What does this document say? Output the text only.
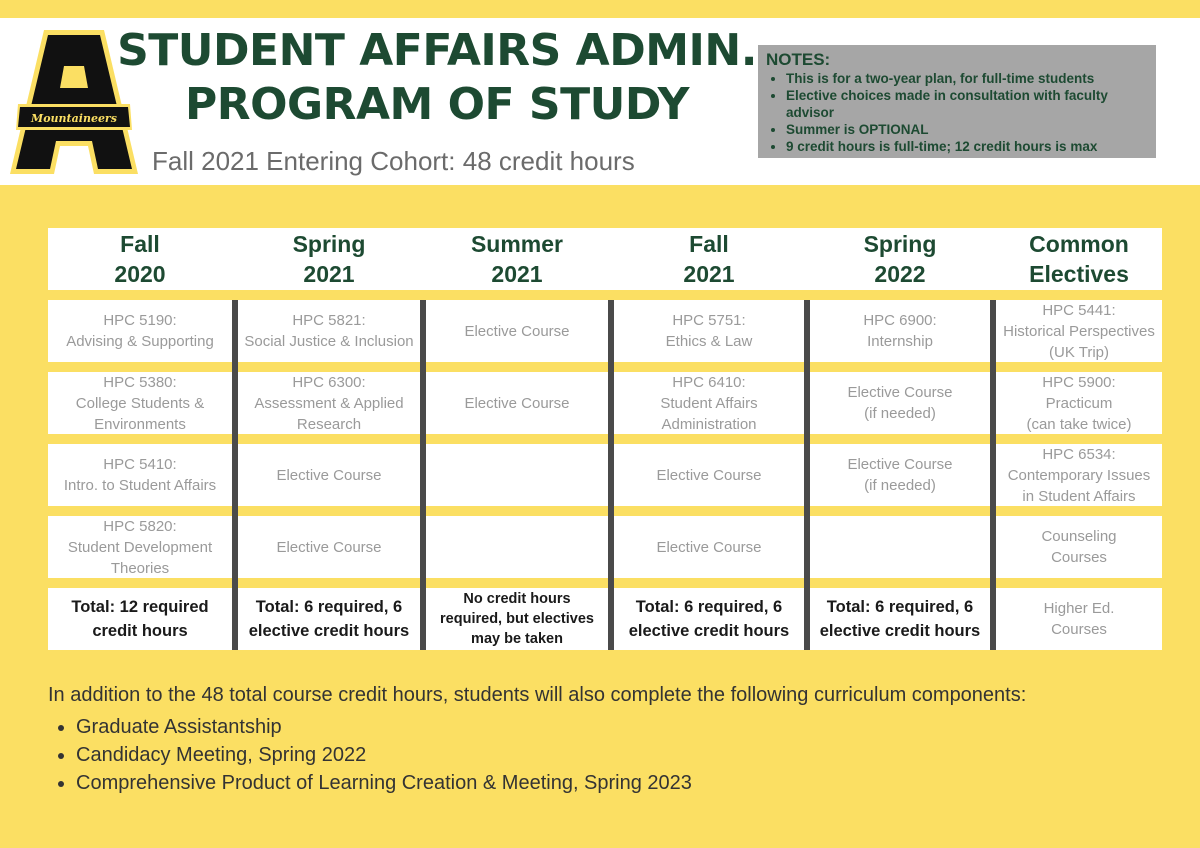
Mountaineers
STUDENT AFFAIRS ADMIN.
PROGRAM OF STUDY
Fall 2021 Entering Cohort: 48 credit hours
NOTES:
• This is for a two-year plan, for full-time students
• Elective choices made in consultation with faculty advisor
• Summer is OPTIONAL
• 9 credit hours is full-time; 12 credit hours is max
Fall
2020
Spring
2021
Summer
2021
Fall
2021
Spring
2022
Common
Electives
HPC 5190:
Advising & Supporting
HPC 5821:
Social Justice & Inclusion
Elective Course
HPC 5751:
Ethics & Law
HPC 6900:
Internship
HPC 5441:
Historical Perspectives
(UK Trip)
HPC 5380:
College Students &
Environments
HPC 6300:
Assessment & Applied
Research
Elective Course
HPC 6410:
Student Affairs
Administration
Elective Course
(if needed)
HPC 5900:
Practicum
(can take twice)
HPC 5410:
Intro. to Student Affairs
Elective Course	Elective Course
Elective Course
(if needed)
HPC 6534:
Contemporary Issues
in Student Affairs
HPC 5820:
Student Development
Theories
Elective Course	Elective Course
Counseling
Courses
Total: 12 required
credit hours
Total: 6 required, 6
elective credit hours
No credit hours
required, but electives
may be taken
Total: 6 required, 6
elective credit hours
Total: 6 required, 6
elective credit hours
Higher Ed.
Courses
In addition to the 48 total course credit hours, students will also complete the following curriculum components:
• Graduate Assistantship
• Candidacy Meeting, Spring 2022
• Comprehensive Product of Learning Creation & Meeting, Spring 2023
